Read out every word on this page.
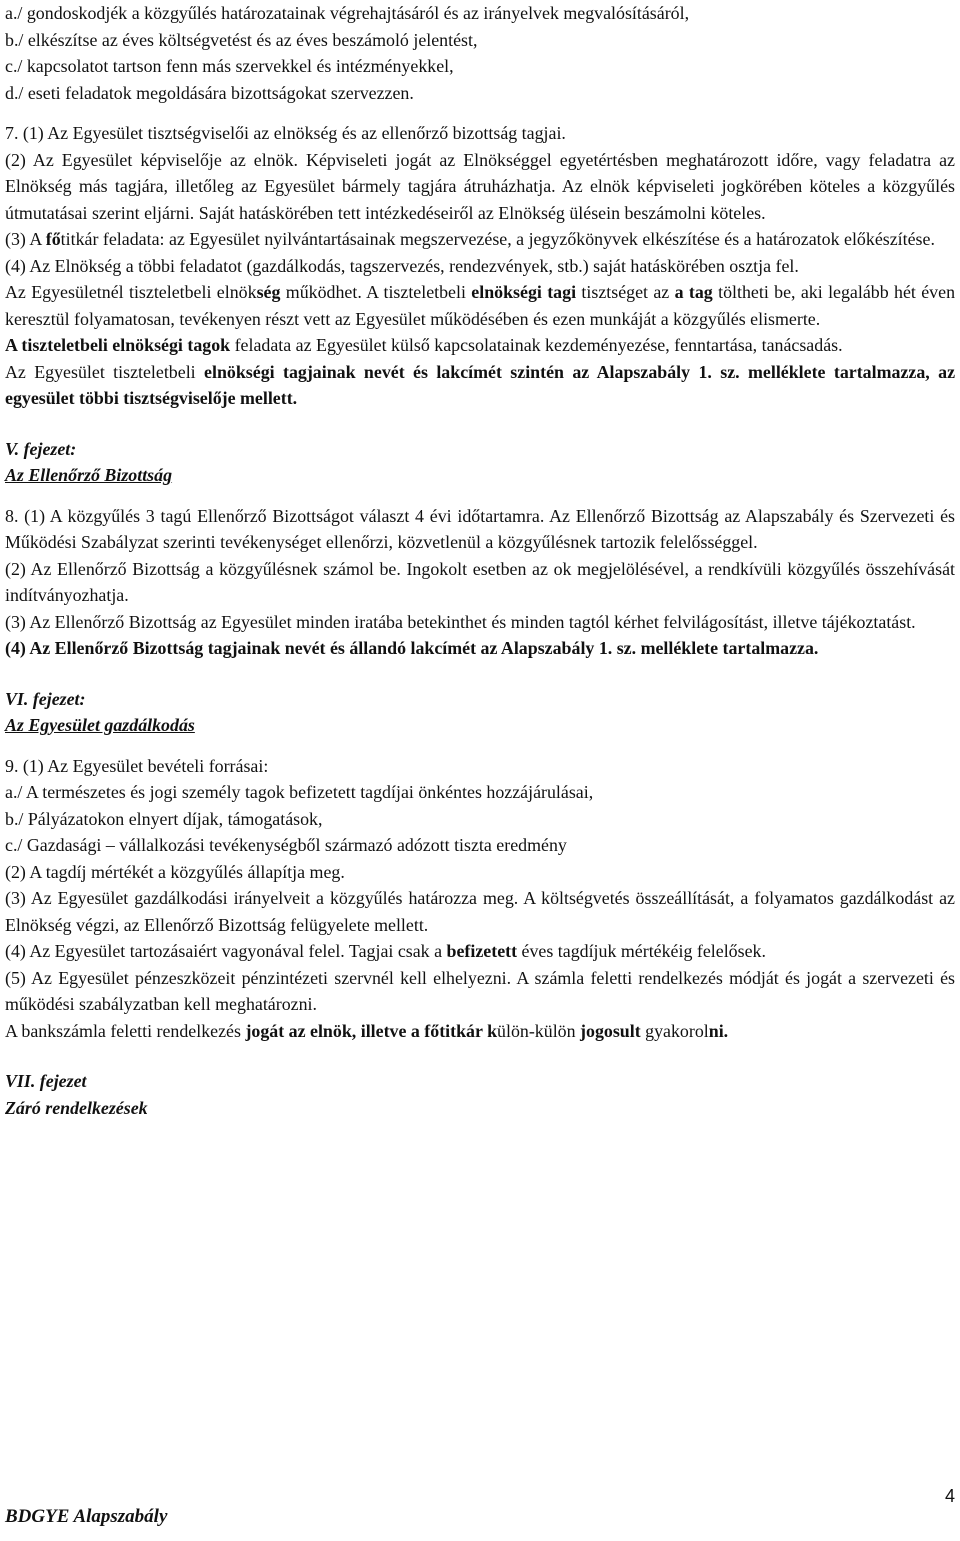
a./ gondoskodjék a közgyűlés határozatainak végrehajtásáról és az irányelvek megvalósításáról,

b./ elkészítse az éves költségvetést és az éves beszámoló jelentést,

c./ kapcsolatot tartson fenn más szervekkel és intézményekkel,

d./ eseti feladatok megoldására bizottságokat szervezzen.

7. (1) Az Egyesület tisztségviselői az elnökség és az ellenőrző bizottság tagjai.

(2) Az Egyesület képviselője az elnök. Képviseleti jogát az Elnökséggel egyetértésben meghatározott időre, vagy feladatra az Elnökség más tagjára, illetőleg az Egyesület bármely tagjára átruházhatja. Az elnök képviseleti jogkörében köteles a közgyűlés útmutatásai szerint eljárni. Saját hatáskörében tett intézkedéseiről az Elnökség ülésein beszámolni köteles.

(3) A főtitkár feladata: az Egyesület nyilvántartásainak megszervezése, a jegyzőkönyvek elkészítése és a határozatok előkészítése.

(4) Az Elnökség a többi feladatot (gazdálkodás, tagszervezés, rendezvények, stb.) saját hatáskörében osztja fel.

Az Egyesületnél tiszteletbeli elnökség működhet. A tiszteletbeli elnökségi tagi tisztséget az a tag töltheti be, aki legalább hét éven keresztül folyamatosan, tevékenyen részt vett az Egyesület működésében és ezen munkáját a közgyűlés elismerte.

A tiszteletbeli elnökségi tagok feladata az Egyesület külső kapcsolatainak kezdeményezése, fenntartása, tanácsadás.

Az Egyesület tiszteletbeli elnökségi tagjainak nevét és lakcímét szintén az Alapszabály 1. sz. melléklete tartalmazza, az egyesület többi tisztségviselője mellett.

V. fejezet:

Az Ellenőrző Bizottság

8. (1) A közgyűlés 3 tagú Ellenőrző Bizottságot választ 4 évi időtartamra. Az Ellenőrző Bizottság az Alapszabály és Szervezeti és Működési Szabályzat szerinti tevékenységet ellenőrzi, közvetlenül a közgyűlésnek tartozik felelősséggel.

(2) Az Ellenőrző Bizottság a közgyűlésnek számol be. Ingokolt esetben az ok megjelölésével, a rendkívüli közgyűlés összehívását indítványozhatja.

(3) Az Ellenőrző Bizottság az Egyesület minden iratába betekinthet és minden tagtól kérhet felvilágosítást, illetve tájékoztatást.

(4) Az Ellenőrző Bizottság tagjainak nevét és állandó lakcímét az Alapszabály 1. sz. melléklete tartalmazza.

VI. fejezet:

Az Egyesület gazdálkodás

9. (1) Az Egyesület bevételi forrásai:

a./ A természetes és jogi személy tagok befizetett tagdíjai önkéntes hozzájárulásai,

b./ Pályázatokon elnyert díjak, támogatások,

c./ Gazdasági – vállalkozási tevékenységből származó adózott tiszta eredmény

(2) A tagdíj mértékét a közgyűlés állapítja meg.

(3) Az Egyesület gazdálkodási irányelveit a közgyűlés határozza meg. A költségvetés összeállítását, a folyamatos gazdálkodást az Elnökség végzi, az Ellenőrző Bizottság felügyelete mellett.

(4) Az Egyesület tartozásaiért vagyonával felel. Tagjai csak a befizetett éves tagdíjuk mértékéig felelősek.

(5) Az Egyesület pénzeszközeit pénzintézeti szervnél kell elhelyezni. A számla feletti rendelkezés módját és jogát a szervezeti és működési szabályzatban kell meghatározni.

A bankszámla feletti rendelkezés jogát az elnök, illetve a főtitkár külön-külön jogosult gyakorolni.

VII. fejezet

Záró rendelkezések

4
BDGYE Alapszabály
